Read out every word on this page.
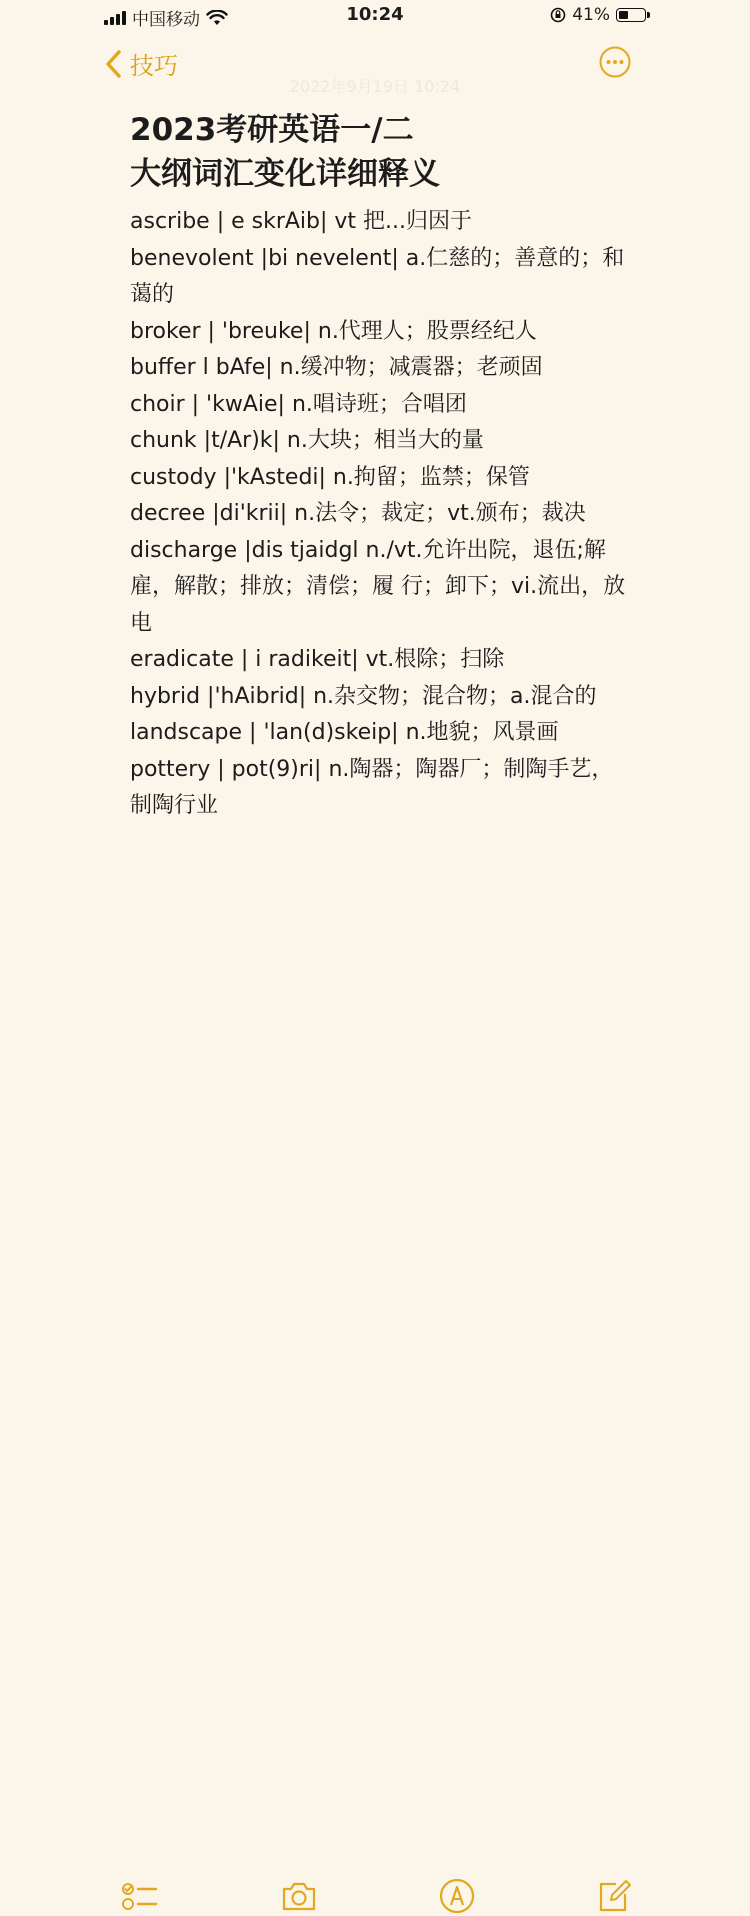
中国移动	10:24	41%
技巧
2022年9月19日 10:24
2023考研英语一/二
大纲词汇变化详细释义
ascribe | e skrAib| vt 把...归因于
benevolent |bi nevelent| a.仁慈的；善意的；和蔼的
broker | 'breuke| n.代理人；股票经纪人
buffer l bAfe| n.缓冲物；减震器；老顽固
choir | 'kwAie| n.唱诗班；合唱团
chunk |t/Ar)k| n.大块；相当大的量
custody |'kAstedi| n.拘留；监禁；保管
decree |di'krii| n.法令；裁定；vt.颁布；裁决
discharge |dis tjaidgl n./vt.允许出院，退伍;解雇，解散；排放；清偿；履 行；卸下；vi.流出，放电
eradicate | i radikeit| vt.根除；扫除
hybrid |'hAibrid| n.杂交物；混合物；a.混合的
landscape | 'lan(d)skeip| n.地貌；风景画
pottery | pot(9)ri| n.陶器；陶器厂；制陶手艺，制陶行业
